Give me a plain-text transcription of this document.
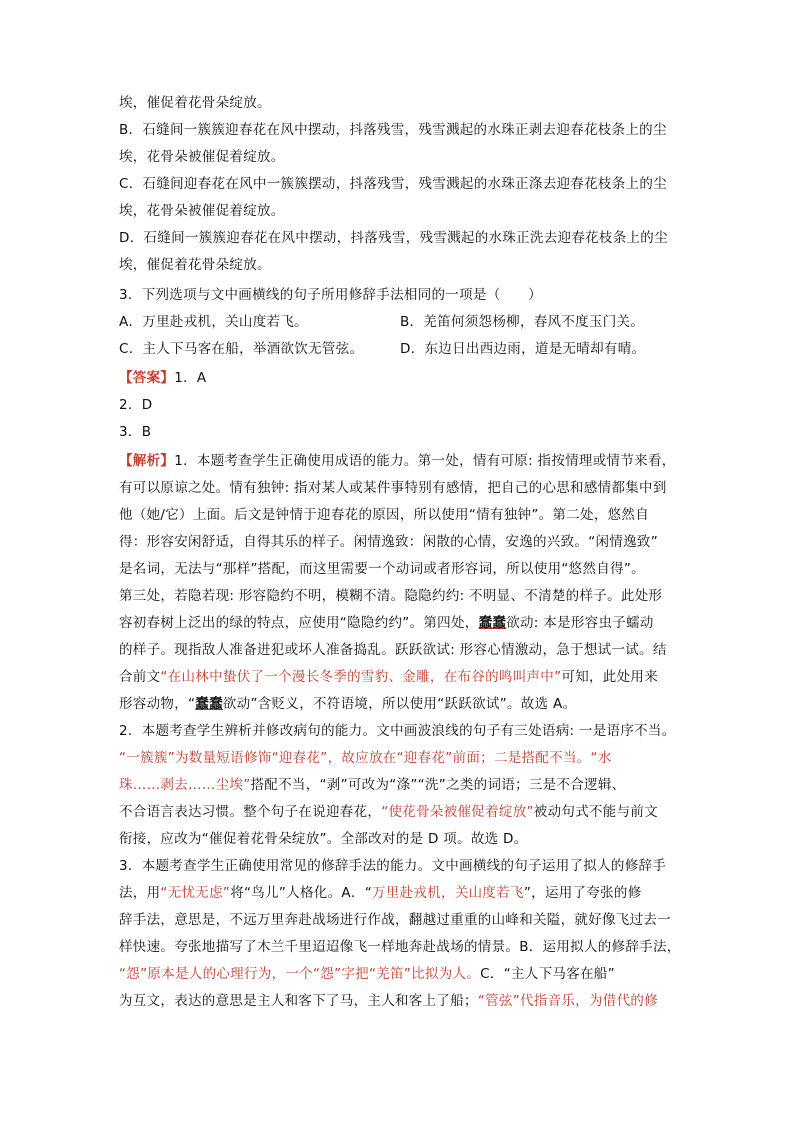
埃，催促着花骨朵绽放。
B．石缝间一簇簇迎春花在风中摆动，抖落残雪，残雪溅起的水珠正剥去迎春花枝条上的尘
埃，花骨朵被催促着绽放。
C．石缝间迎春花在风中一簇簇摆动，抖落残雪，残雪溅起的水珠正涤去迎春花枝条上的尘
埃，花骨朵被催促着绽放。
D．石缝间一簇簇迎春花在风中摆动，抖落残雪，残雪溅起的水珠正洗去迎春花枝条上的尘
埃，催促着花骨朵绽放。
3．下列选项与文中画横线的句子所用修辞手法相同的一项是（　　）
A．万里赴戎机，关山度若飞。	B．羌笛何须怨杨柳，春风不度玉门关。
C．主人下马客在船，举酒欲饮无管弦。	D．东边日出西边雨，道是无晴却有晴。
【答案】1．A
2．D
3．B
【解析】1．本题考查学生正确使用成语的能力。第一处，情有可原: 指按情理或情节来看，
有可以原谅之处。情有独钟: 指对某人或某件事特别有感情，把自己的心思和感情都集中到
他（她/它）上面。后文是钟情于迎春花的原因，所以使用“情有独钟”。第二处，悠然自
得：形容安闲舒适，自得其乐的样子。闲情逸致：闲散的心情，安逸的兴致。“闲情逸致”
是名词，无法与“那样”搭配，而这里需要一个动词或者形容词，所以使用“悠然自得”。
第三处，若隐若现: 形容隐约不明，模糊不清。隐隐约约: 不明显、不清楚的样子。此处形
容初春树上泛出的绿的特点，应使用“隐隐约约”。第四处，蠢蠢欲动: 本是形容虫子蠕动
的样子。现指敌人准备进犯或坏人准备捣乱。跃跃欲试: 形容心情激动，急于想试一试。结
合前文“在山林中蛰伏了一个漫长冬季的雪豹、金雕，在布谷的鸣叫声中”可知，此处用来
形容动物，“蠢蠢欲动”含贬义，不符语境，所以使用“跃跃欲试”。故选 A。
2．本题考查学生辨析并修改病句的能力。文中画波浪线的句子有三处语病: 一是语序不当。
“一簇簇”为数量短语修饰“迎春花”，故应放在“迎春花”前面；二是搭配不当。“水
珠……剥去……尘埃”搭配不当，“剥”可改为“涤”“洗”之类的词语；三是不合逻辑、
不合语言表达习惯。整个句子在说迎春花，“使花骨朵被催促着绽放”被动句式不能与前文
衔接，应改为“催促着花骨朵绽放”。全部改对的是 D 项。故选 D。
3．本题考查学生正确使用常见的修辞手法的能力。文中画横线的句子运用了拟人的修辞手
法，用“无忧无虑”将“鸟儿”人格化。A．“万里赴戎机，关山度若飞”，运用了夸张的修
辞手法，意思是，不远万里奔赴战场进行作战，翻越过重重的山峰和关隘，就好像飞过去一
样快速。夸张地描写了木兰千里迢迢像飞一样地奔赴战场的情景。B．运用拟人的修辞手法，
“怨”原本是人的心理行为，一个“怨”字把“羌笛”比拟为人。C．“主人下马客在船”
为互文，表达的意思是主人和客下了马，主人和客上了船；“管弦”代指音乐，为借代的修
